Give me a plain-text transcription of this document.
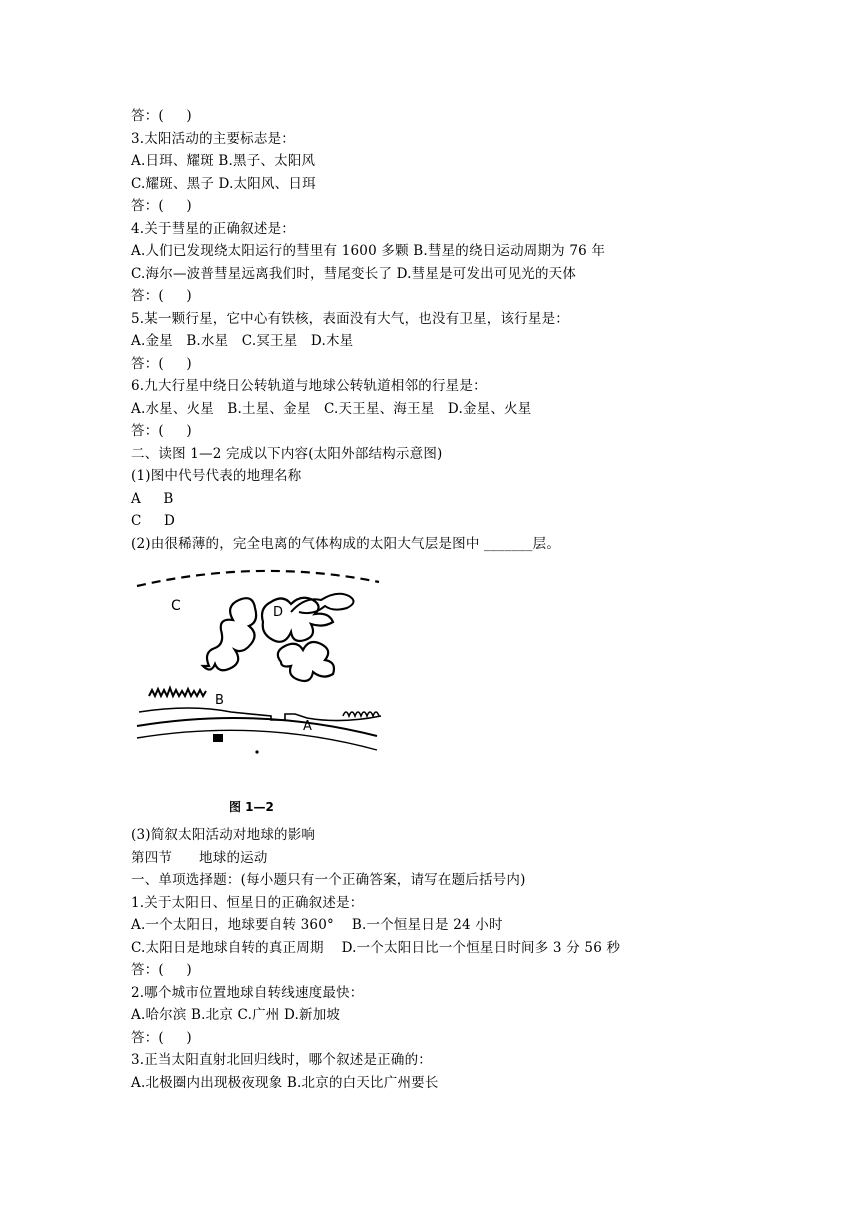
答：(     )
3.太阳活动的主要标志是：
A.日珥、耀斑 B.黑子、太阳风
C.耀斑、黑子 D.太阳风、日珥
答：(     )
4.关于彗星的正确叙述是：
A.人们已发现绕太阳运行的彗里有 1600 多颗 B.彗星的绕日运动周期为 76 年
C.海尔—波普彗星远离我们时，彗尾变长了 D.彗星是可发出可见光的天体
答：(     )
5.某一颗行星，它中心有铁核，表面没有大气，也没有卫星，该行星是：
A.金星   B.水星   C.冥王星   D.木星
答：(     )
6.九大行星中绕日公转轨道与地球公转轨道相邻的行星是：
A.水星、火星   B.土星、金星   C.天王星、海王星   D.金星、火星
答：(     )
二、读图 1—2 完成以下内容(太阳外部结构示意图)
(1)图中代号代表的地理名称
A     B
C     D
(2)由很稀薄的，完全电离的气体构成的太阳大气层是图中 _______层。
C	D
B
A
图 1—2
(3)简叙太阳活动对地球的影响
第四节      地球的运动
一、单项选择题：(每小题只有一个正确答案，请写在题后括号内)
1.关于太阳日、恒星日的正确叙述是：
A.一个太阳日，地球要自转 360°    B.一个恒星日是 24 小时
C.太阳日是地球自转的真正周期    D.一个太阳日比一个恒星日时间多 3 分 56 秒
答：(     )
2.哪个城市位置地球自转线速度最快：
A.哈尔滨 B.北京 C.广州 D.新加坡
答：(     )
3.正当太阳直射北回归线时，哪个叙述是正确的：
A.北极圈内出现极夜现象 B.北京的白天比广州要长
